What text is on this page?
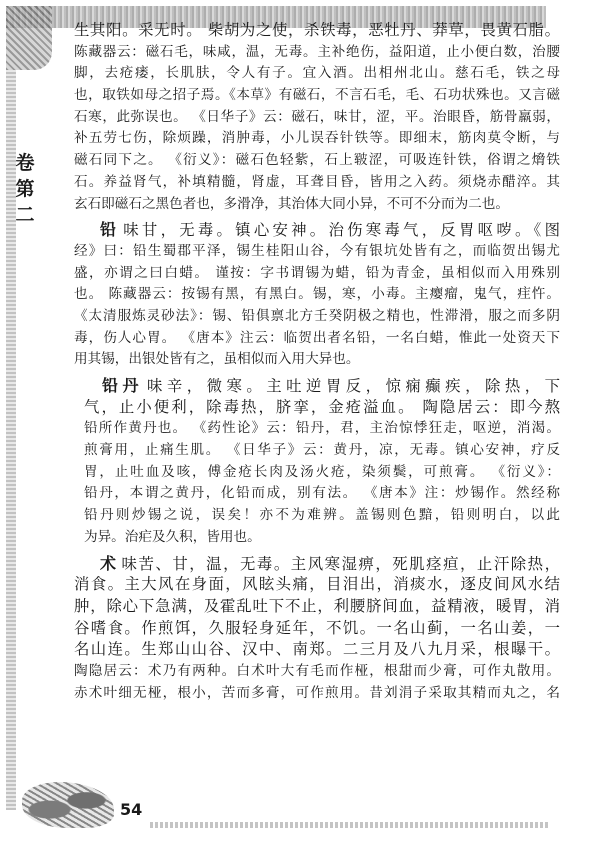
卷
第
二
生其阳。采无时。 柴胡为之使，杀铁毒，恶牡丹、莽草，畏黄石脂。
陈藏器云：磁石毛，味咸，温，无毒。主补绝伤，益阳道，止小便白数，治腰
脚，去疮瘘，长肌肤，令人有子。宜入酒。出相州北山。慈石毛，铁之母
也，取铁如母之招子焉。《本草》有磁石，不言石毛，毛、石功状殊也。又言磁
石寒，此弥误也。 《日华子》云：磁石，味甘，涩，平。治眼昏，筋骨羸弱，
补五劳七伤，除烦躁，消肿毒，小儿误吞针铁等。即细末，筋肉莫令断，与
磁石同下之。 《衍义》：磁石色轻紫，石上皲涩，可吸连针铁，俗谓之熁铁
石。养益肾气，补填精髓，肾虚，耳聋目昏，皆用之入药。须烧赤醋淬。其
玄石即磁石之黑色者也，多滑净，其治体大同小异，不可不分而为二也。
铅 味甘，无毒。镇心安神。治伤寒毒气，反胃呕哕。《图
经》曰：铅生蜀郡平泽，锡生桂阳山谷，今有银坑处皆有之，而临贺出锡尤
盛，亦谓之曰白蜡。 谨按：字书谓锡为蜡，铅为青金，虽相似而入用殊别
也。 陈藏器云：按锡有黑，有黑白。锡，寒，小毒。主瘿瘤，鬼气，疰忤。
《太清服炼灵砂法》：锡、铅俱禀北方壬癸阴极之精也，性滞滑，服之而多阴
毒，伤人心胃。 《唐本》注云：临贺出者名铅，一名白蜡，惟此一处资天下
用其锡，出银处皆有之，虽相似而入用大异也。
铅丹 味辛，微寒。主吐逆胃反，惊痫癫疾，除热，下
气，止小便利，除毒热，脐挛，金疮溢血。 陶隐居云：即今熬
铅所作黄丹也。 《药性论》云：铅丹，君，主治惊悸狂走，呕逆，消渴。
煎膏用，止痛生肌。 《日华子》云：黄丹，凉，无毒。镇心安神，疗反
胃，止吐血及咳，傅金疮长肉及汤火疮，染须鬓，可煎膏。 《衍义》：
铅丹，本谓之黄丹，化铅而成，别有法。 《唐本》注：炒锡作。然经称
铅丹则炒锡之说，误矣！亦不为难辨。盖锡则色黯，铅则明白，以此
为异。治疟及久积，皆用也。
术 味苦、甘，温，无毒。主风寒湿痹，死肌痉疸，止汗除热，
消食。主大风在身面，风眩头痛，目泪出，消痰水，逐皮间风水结
肿，除心下急满，及霍乱吐下不止，利腰脐间血，益精液，暖胃，消
谷嗜食。作煎饵，久服轻身延年，不饥。一名山蓟，一名山姜，一
名山连。生郑山山谷、汉中、南郑。二三月及八九月采，根曝干。
陶隐居云：术乃有两种。白术叶大有毛而作桠，根甜而少膏，可作丸散用。
赤术叶细无桠，根小，苦而多膏，可作煎用。昔刘涓子采取其精而丸之，名
54
